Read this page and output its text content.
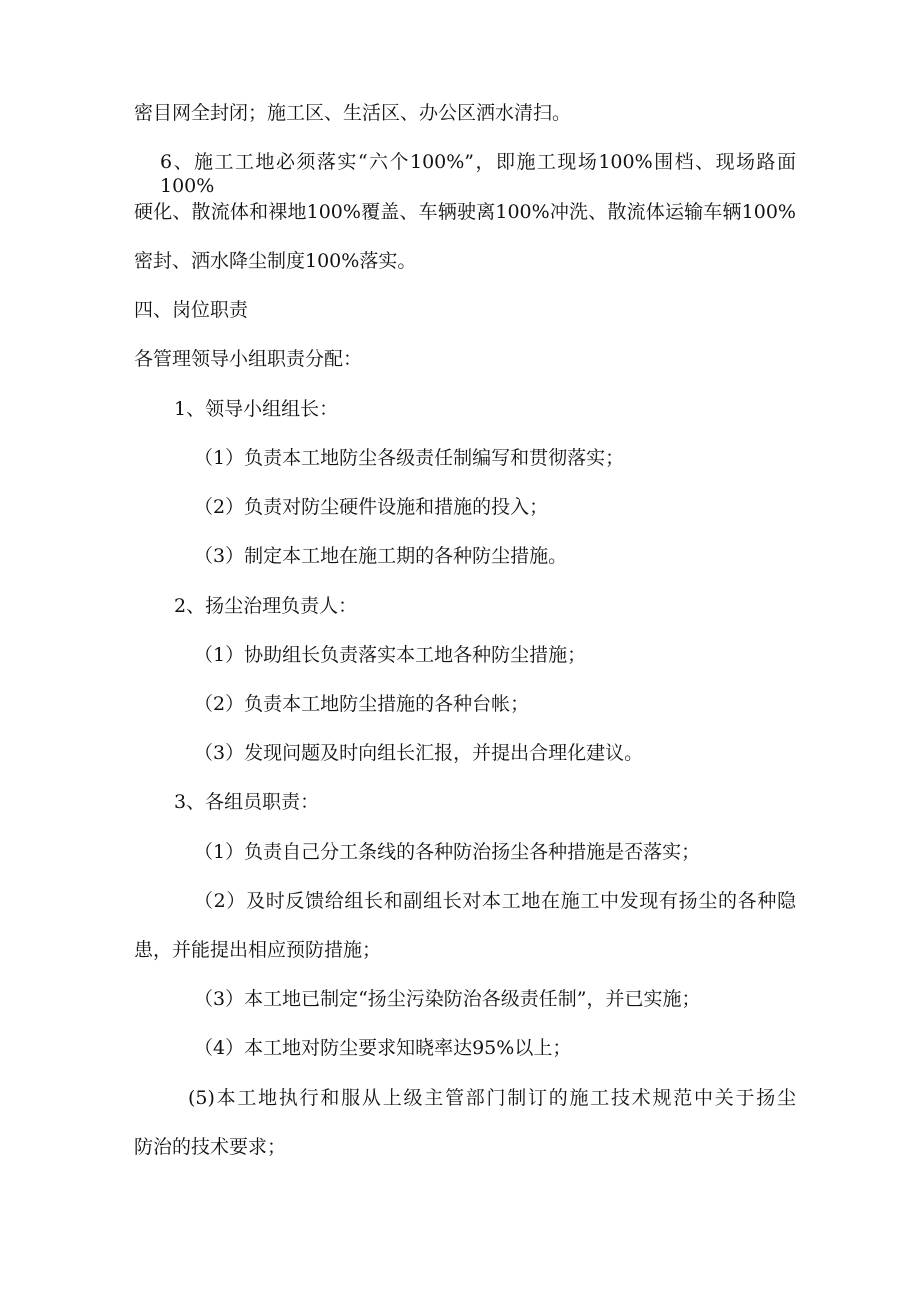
密目网全封闭；施工区、生活区、办公区洒水清扫。

6、施工工地必须落实“六个100%”，即施工现场100%围档、现场路面100%

硬化、散流体和裸地100%覆盖、车辆驶离100%冲洗、散流体运输车辆100%

密封、洒水降尘制度100%落实。

四、岗位职责

各管理领导小组职责分配：

1、领导小组组长：

（1）负责本工地防尘各级责任制编写和贯彻落实；

（2）负责对防尘硬件设施和措施的投入；

（3）制定本工地在施工期的各种防尘措施。

2、扬尘治理负责人：

（1）协助组长负责落实本工地各种防尘措施；

（2）负责本工地防尘措施的各种台帐；

（3）发现问题及时向组长汇报，并提出合理化建议。

3、各组员职责：

（1）负责自己分工条线的各种防治扬尘各种措施是否落实；

（2）及时反馈给组长和副组长对本工地在施工中发现有扬尘的各种隐

患，并能提出相应预防措施；

（3）本工地已制定“扬尘污染防治各级责任制”，并已实施；

（4）本工地对防尘要求知晓率达95%以上；

(5)本工地执行和服从上级主管部门制订的施工技术规范中关于扬尘

防治的技术要求；
